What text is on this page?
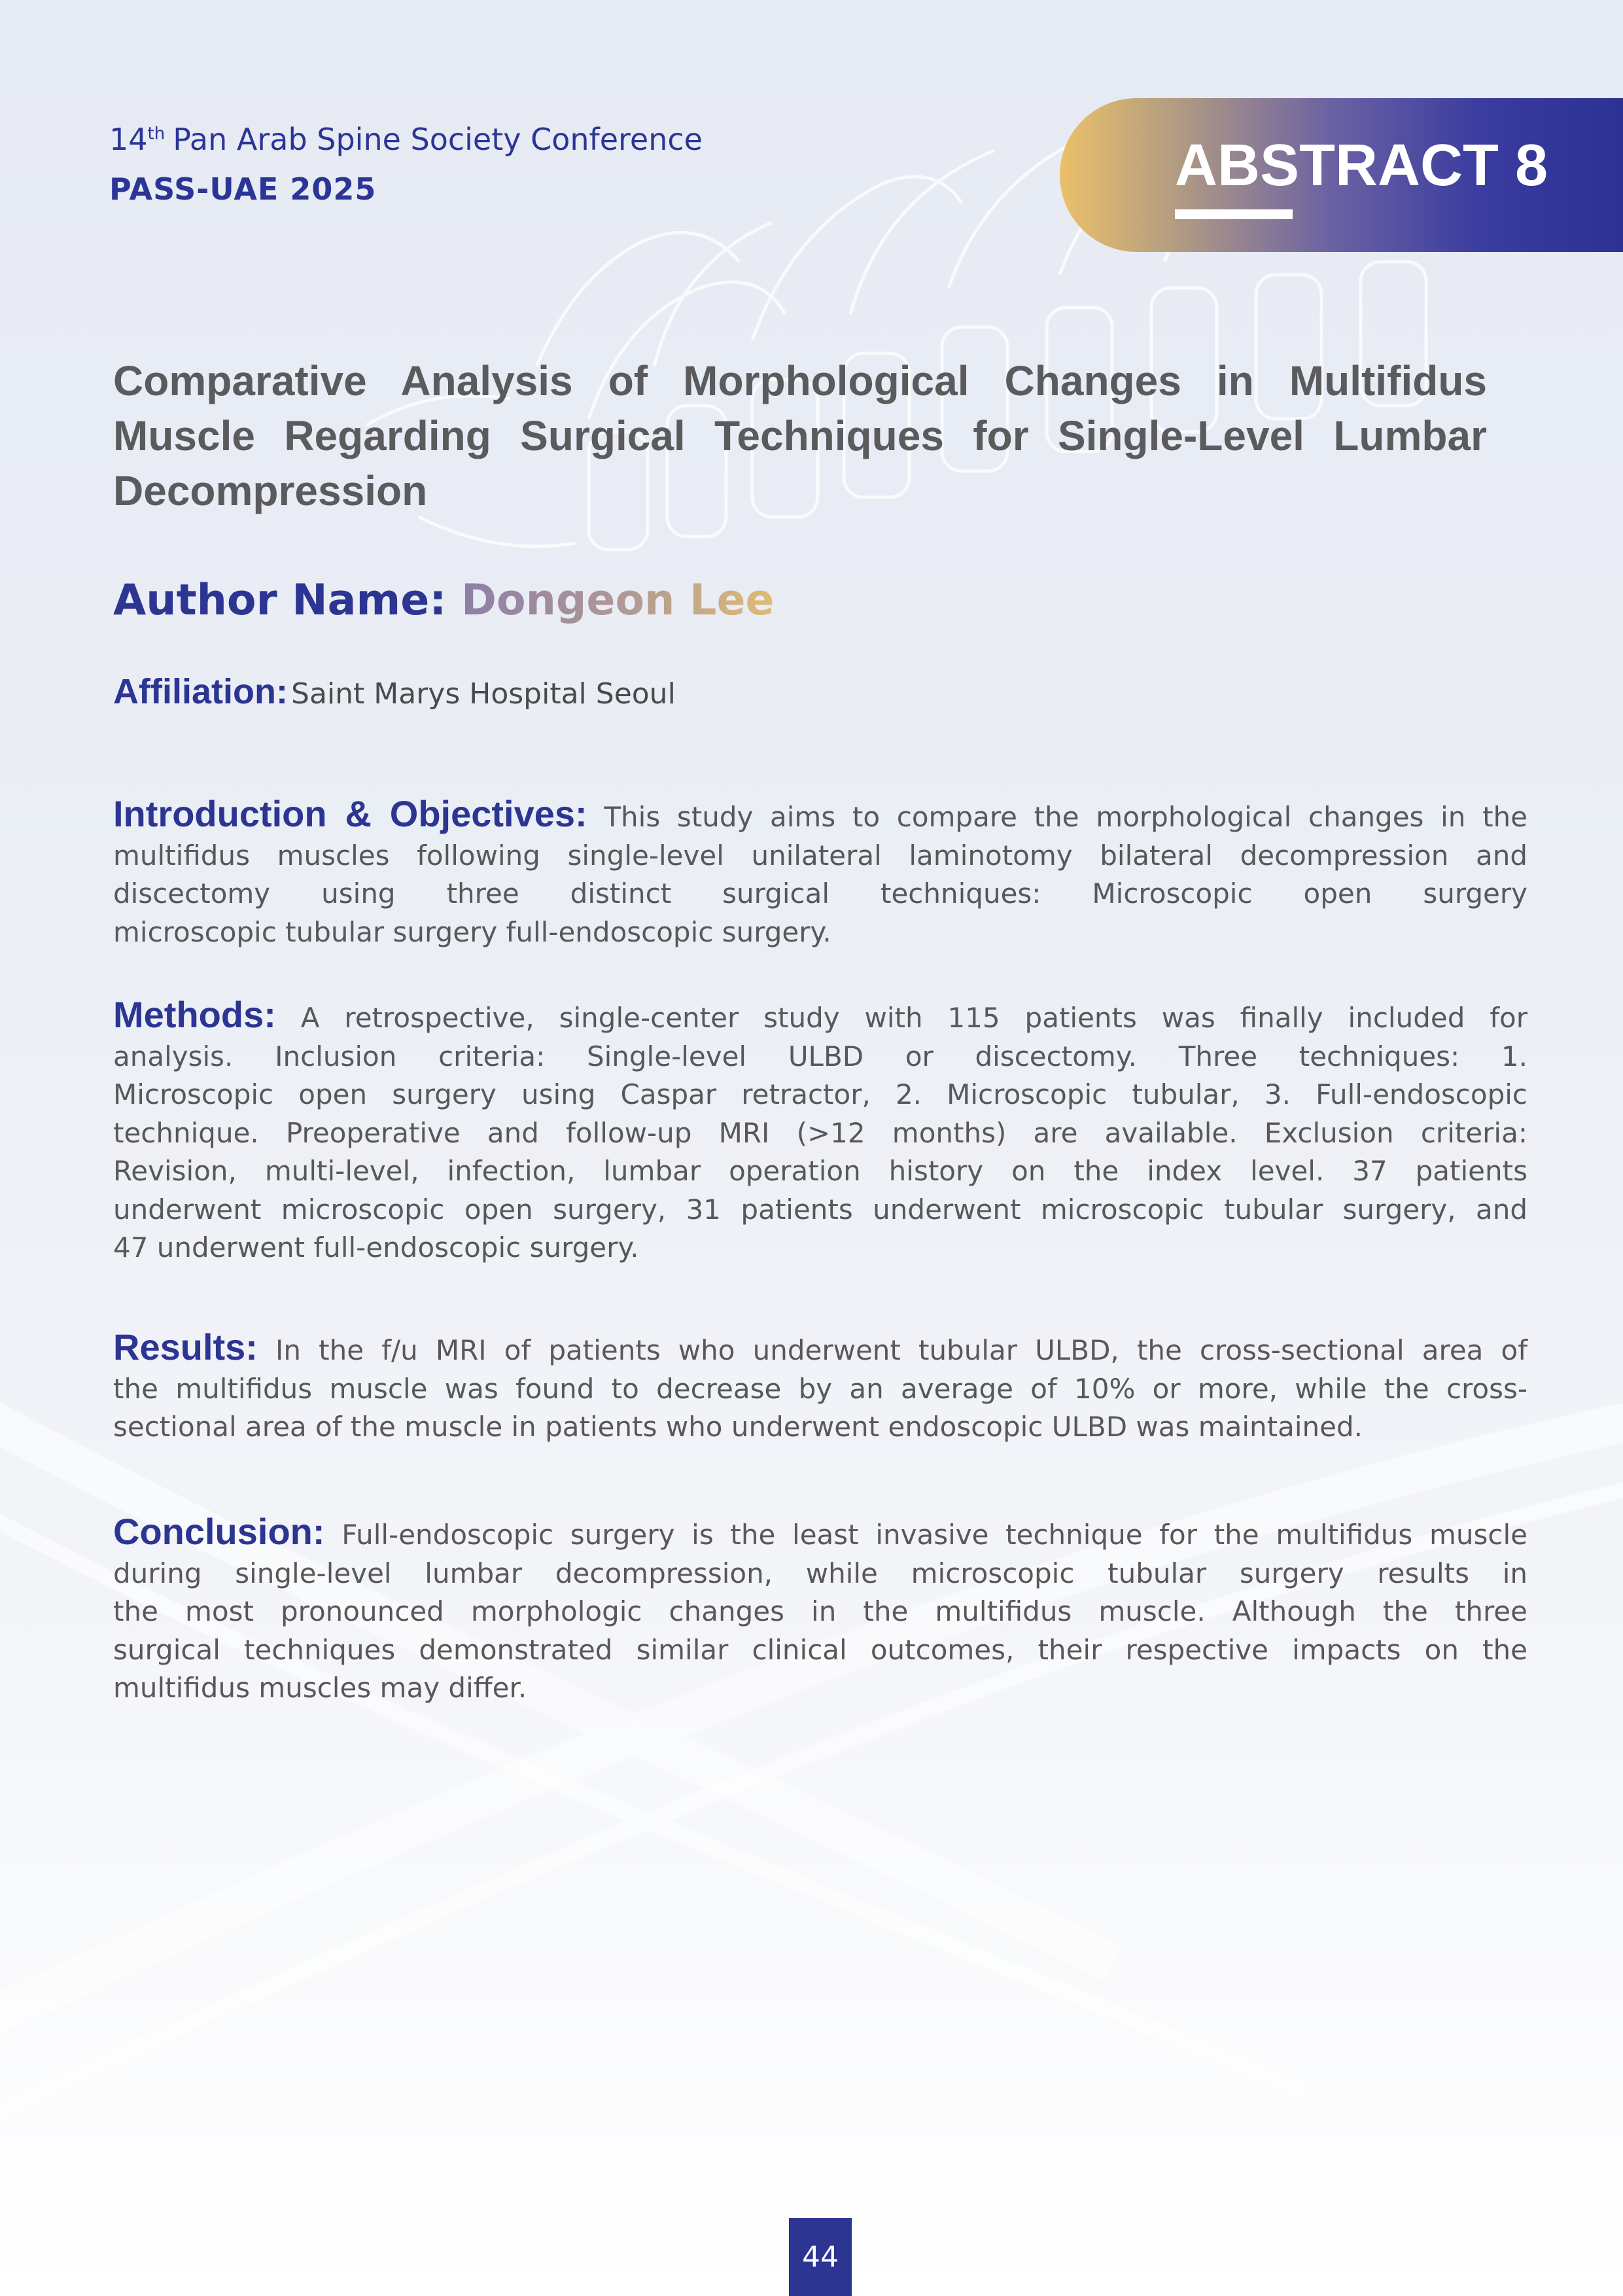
14th Pan Arab Spine Society Conference
PASS-UAE 2025	ABSTRACT 8
Comparative Analysis of Morphological Changes in Multifidus
Muscle Regarding Surgical Techniques for Single-Level Lumbar
Decompression
Author Name: Dongeon Lee
Affiliation: Saint Marys Hospital Seoul
Introduction & Objectives: This study aims to compare the morphological changes in the
multifidus muscles following single-level unilateral laminotomy bilateral decompression and
discectomy using three distinct surgical techniques: Microscopic open surgery
microscopic tubular surgery full-endoscopic surgery.
Methods: A retrospective, single-center study with 115 patients was finally included for
analysis. Inclusion criteria: Single-level ULBD or discectomy. Three techniques: 1.
Microscopic open surgery using Caspar retractor, 2. Microscopic tubular, 3. Full-endoscopic
technique. Preoperative and follow-up MRI (>12 months) are available. Exclusion criteria:
Revision, multi-level, infection, lumbar operation history on the index level. 37 patients
underwent microscopic open surgery, 31 patients underwent microscopic tubular surgery, and
47 underwent full-endoscopic surgery.
Results: In the f/u MRI of patients who underwent tubular ULBD, the cross-sectional area of
the multifidus muscle was found to decrease by an average of 10% or more, while the cross-
sectional area of the muscle in patients who underwent endoscopic ULBD was maintained.
Conclusion: Full-endoscopic surgery is the least invasive technique for the multifidus muscle
during single-level lumbar decompression, while microscopic tubular surgery results in
the most pronounced morphologic changes in the multifidus muscle. Although the three
surgical techniques demonstrated similar clinical outcomes, their respective impacts on the
multifidus muscles may differ.
44
